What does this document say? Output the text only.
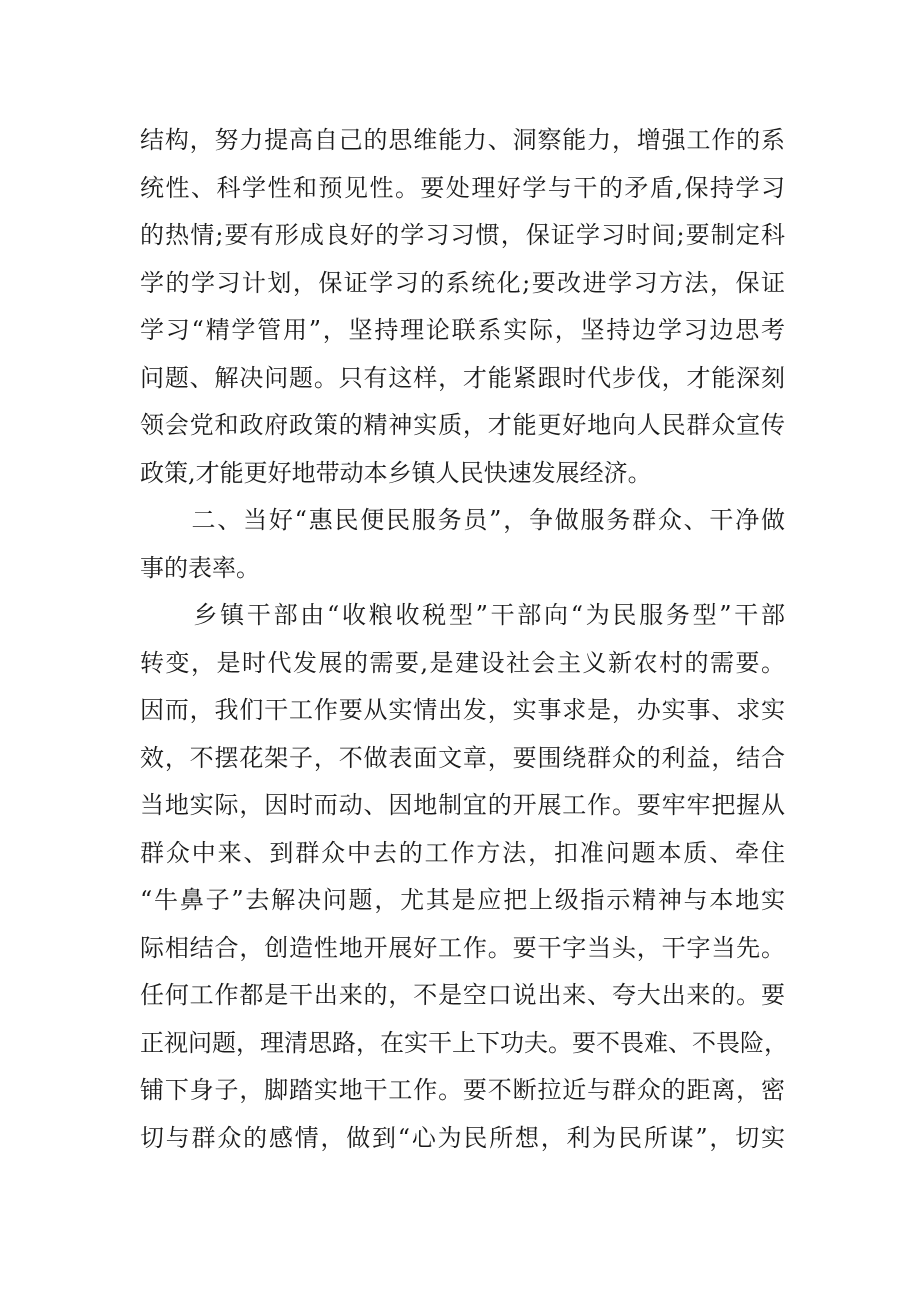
结构，努力提高自己的思维能力、洞察能力，增强工作的系
统性、科学性和预见性。要处理好学与干的矛盾,保持学习
的热情;要有形成良好的学习习惯，保证学习时间;要制定科
学的学习计划，保证学习的系统化;要改进学习方法，保证
学习“精学管用”，坚持理论联系实际，坚持边学习边思考
问题、解决问题。只有这样，才能紧跟时代步伐，才能深刻
领会党和政府政策的精神实质，才能更好地向人民群众宣传
政策,才能更好地带动本乡镇人民快速发展经济。
　　二、当好“惠民便民服务员”，争做服务群众、干净做
事的表率。
　　乡镇干部由“收粮收税型”干部向“为民服务型”干部
转变，是时代发展的需要,是建设社会主义新农村的需要。
因而，我们干工作要从实情出发，实事求是，办实事、求实
效，不摆花架子，不做表面文章，要围绕群众的利益，结合
当地实际，因时而动、因地制宜的开展工作。要牢牢把握从
群众中来、到群众中去的工作方法，扣准问题本质、牵住
“牛鼻子”去解决问题，尤其是应把上级指示精神与本地实
际相结合，创造性地开展好工作。要干字当头，干字当先。
任何工作都是干出来的，不是空口说出来、夸大出来的。要
正视问题，理清思路，在实干上下功夫。要不畏难、不畏险，
铺下身子，脚踏实地干工作。要不断拉近与群众的距离，密
切与群众的感情，做到“心为民所想，利为民所谋”，切实
